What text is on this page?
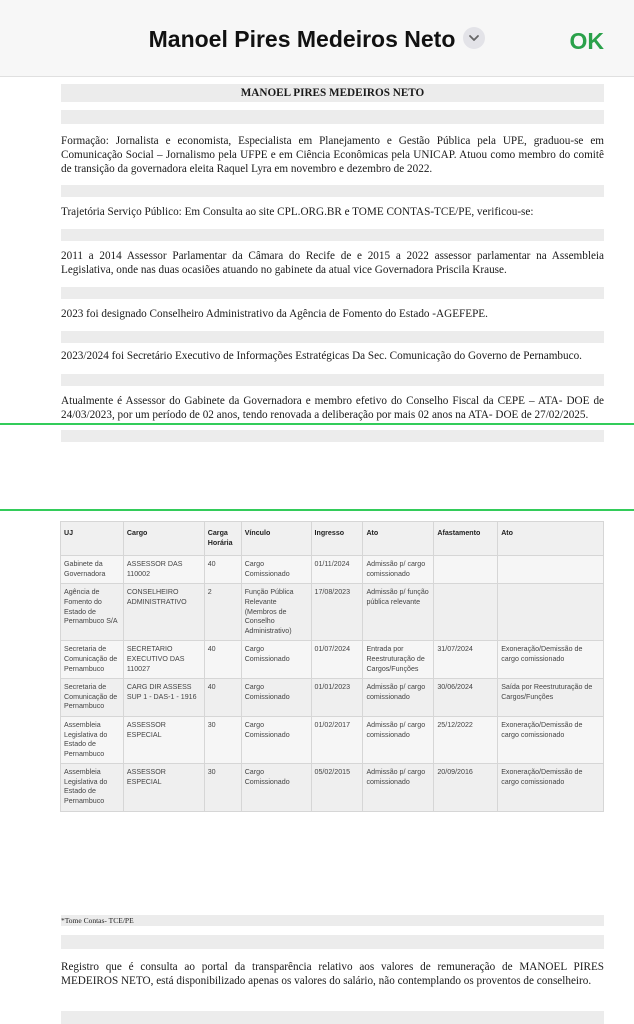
Manoel Pires Medeiros Neto	OK
MANOEL PIRES MEDEIROS NETO
Formação: Jornalista e economista, Especialista em Planejamento e Gestão Pública pela UPE, graduou-se em Comunicação Social – Jornalismo pela UFPE e em Ciência Econômicas pela UNICAP. Atuou como membro do comitê de transição da governadora eleita Raquel Lyra em novembro e dezembro de 2022.
Trajetória Serviço Público: Em Consulta ao site CPL.ORG.BR e TOME CONTAS-TCE/PE, verificou-se:
2011 a 2014 Assessor Parlamentar da Câmara do Recife de e 2015 a 2022 assessor parlamentar na Assembleia Legislativa, onde nas duas ocasiões atuando no gabinete da atual vice Governadora Priscila Krause.
2023 foi designado Conselheiro Administrativo da Agência de Fomento do Estado -AGEFEPE.
2023/2024 foi Secretário Executivo de Informações Estratégicas Da Sec. Comunicação do Governo de Pernambuco.
Atualmente é Assessor do Gabinete da Governadora e membro efetivo do Conselho Fiscal da CEPE – ATA- DOE de 24/03/2023, por um período de 02 anos, tendo renovada a deliberação por mais 02 anos na ATA- DOE de 27/02/2025.
UJ	Cargo	Carga Horária	Vínculo	Ingresso	Ato	Afastamento	Ato
Gabinete da Governadora	ASSESSOR DAS 110002	40	Cargo Comissionado	01/11/2024	Admissão p/ cargo comissionado		
Agência de Fomento do Estado de Pernambuco S/A	CONSELHEIRO ADMINISTRATIVO	2	Função Pública Relevante (Membros de Conselho Administrativo)	17/08/2023	Admissão p/ função pública relevante		
Secretaria de Comunicação de Pernambuco	SECRETARIO EXECUTIVO DAS 110027	40	Cargo Comissionado	01/07/2024	Entrada por Reestruturação de Cargos/Funções	31/07/2024	Exoneração/Demissão de cargo comissionado
Secretaria de Comunicação de Pernambuco	CARG DIR ASSESS SUP 1 - DAS-1 - 1916	40	Cargo Comissionado	01/01/2023	Admissão p/ cargo comissionado	30/06/2024	Saída por Reestruturação de Cargos/Funções
Assembleia Legislativa do Estado de Pernambuco	ASSESSOR ESPECIAL	30	Cargo Comissionado	01/02/2017	Admissão p/ cargo comissionado	25/12/2022	Exoneração/Demissão de cargo comissionado
Assembleia Legislativa do Estado de Pernambuco	ASSESSOR ESPECIAL	30	Cargo Comissionado	05/02/2015	Admissão p/ cargo comissionado	20/09/2016	Exoneração/Demissão de cargo comissionado
*Tome Contas- TCE/PE
Registro que é consulta ao portal da transparência relativo aos valores de remuneração de MANOEL PIRES MEDEIROS NETO, está disponibilizado apenas os valores do salário, não contemplando os proventos de conselheiro.
